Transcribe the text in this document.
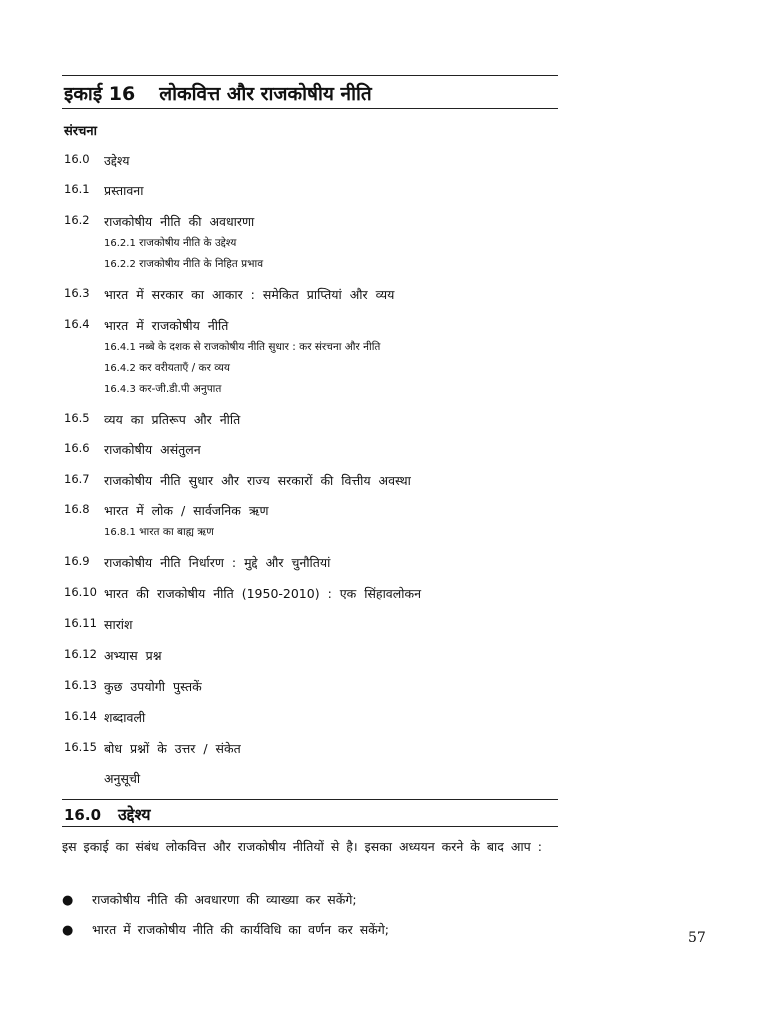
इकाई 16 लोकवित्त और राजकोषीय नीति
संरचना
16.0	उद्देश्य
16.1	प्रस्तावना
16.2	राजकोषीय नीति की अवधारणा
16.2.1 राजकोषीय नीति के उद्देश्य
16.2.2 राजकोषीय नीति के निहित प्रभाव
16.3	भारत में सरकार का आकार : समेकित प्राप्तियां और व्यय
16.4	भारत में राजकोषीय नीति
16.4.1 नब्बे के दशक से राजकोषीय नीति सुधार : कर संरचना और नीति
16.4.2 कर वरीयताएँ / कर व्यय
16.4.3 कर-जी.डी.पी अनुपात
16.5	व्यय का प्रतिरूप और नीति
16.6	राजकोषीय असंतुलन
16.7	राजकोषीय नीति सुधार और राज्य सरकारों की वित्तीय अवस्था
16.8	भारत में लोक / सार्वजनिक ऋण
16.8.1 भारत का बाह्य ऋण
16.9	राजकोषीय नीति निर्धारण : मुद्दे और चुनौतियां
16.10 भारत की राजकोषीय नीति (1950-2010) : एक सिंहावलोकन
16.11 सारांश
16.12 अभ्यास प्रश्न
16.13 कुछ उपयोगी पुस्तकें
16.14 शब्दावली
16.15 बोध प्रश्नों के उत्तर / संकेत
अनुसूची
16.0 उद्देश्य
इस इकाई का संबंध लोकवित्त और राजकोषीय नीतियों से है। इसका अध्ययन करने के बाद आप :
● राजकोषीय नीति की अवधारणा की व्याख्या कर सकेंगे;
● भारत में राजकोषीय नीति की कार्यविधि का वर्णन कर सकेंगे;
57
